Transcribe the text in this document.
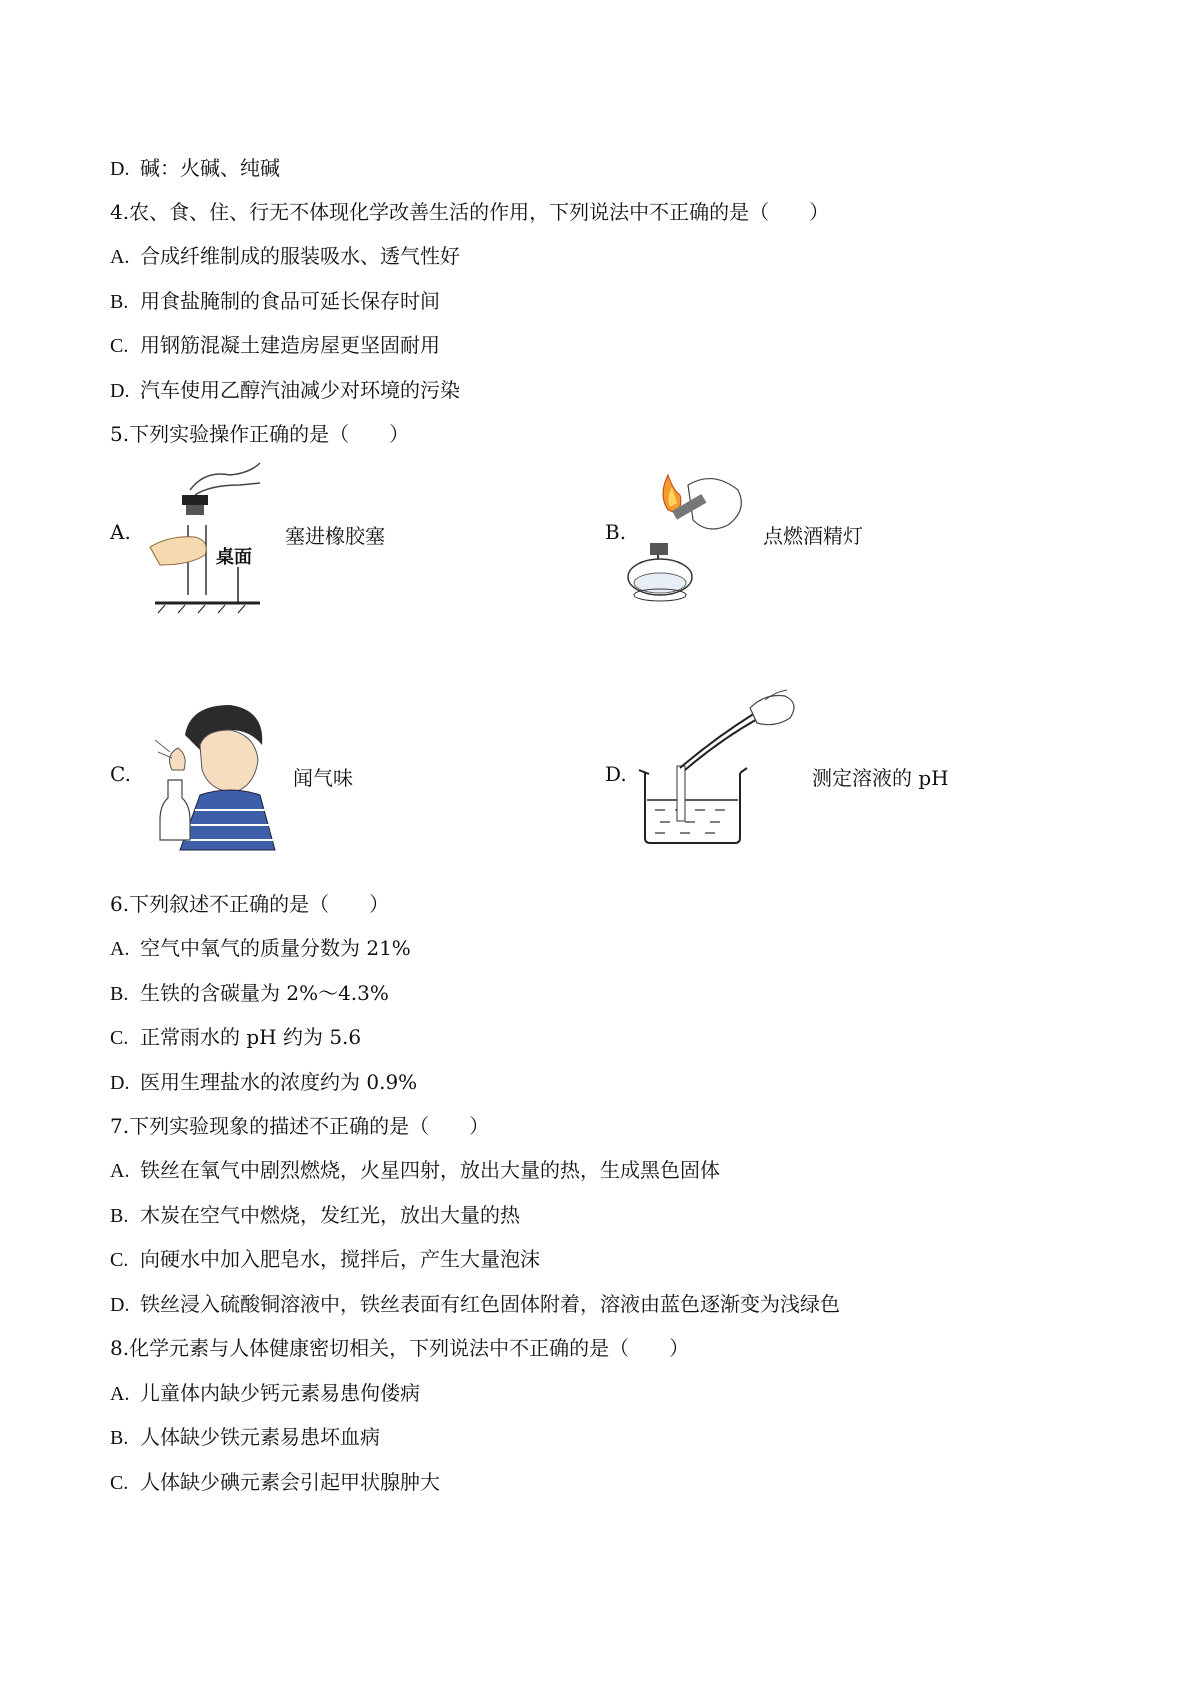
D. 碱：火碱、纯碱
4.农、食、住、行无不体现化学改善生活的作用，下列说法中不正确的是（　　）
A. 合成纤维制成的服装吸水、透气性好
B. 用食盐腌制的食品可延长保存时间
C. 用钢筋混凝土建造房屋更坚固耐用
D. 汽车使用乙醇汽油减少对环境的污染
5.下列实验操作正确的是（　　）
A.
桌面
塞进橡胶塞	B.	点燃酒精灯
C.	闻气味	D.	测定溶液的 pH
6.下列叙述不正确的是（　　）
A. 空气中氧气的质量分数为 21%
B. 生铁的含碳量为 2%～4.3%
C. 正常雨水的 pH 约为 5.6
D. 医用生理盐水的浓度约为 0.9%
7.下列实验现象的描述不正确的是（　　）
A. 铁丝在氧气中剧烈燃烧，火星四射，放出大量的热，生成黑色固体
B. 木炭在空气中燃烧，发红光，放出大量的热
C. 向硬水中加入肥皂水，搅拌后，产生大量泡沫
D. 铁丝浸入硫酸铜溶液中，铁丝表面有红色固体附着，溶液由蓝色逐渐变为浅绿色
8.化学元素与人体健康密切相关，下列说法中不正确的是（　　）
A. 儿童体内缺少钙元素易患佝偻病
B. 人体缺少铁元素易患坏血病
C. 人体缺少碘元素会引起甲状腺肿大
